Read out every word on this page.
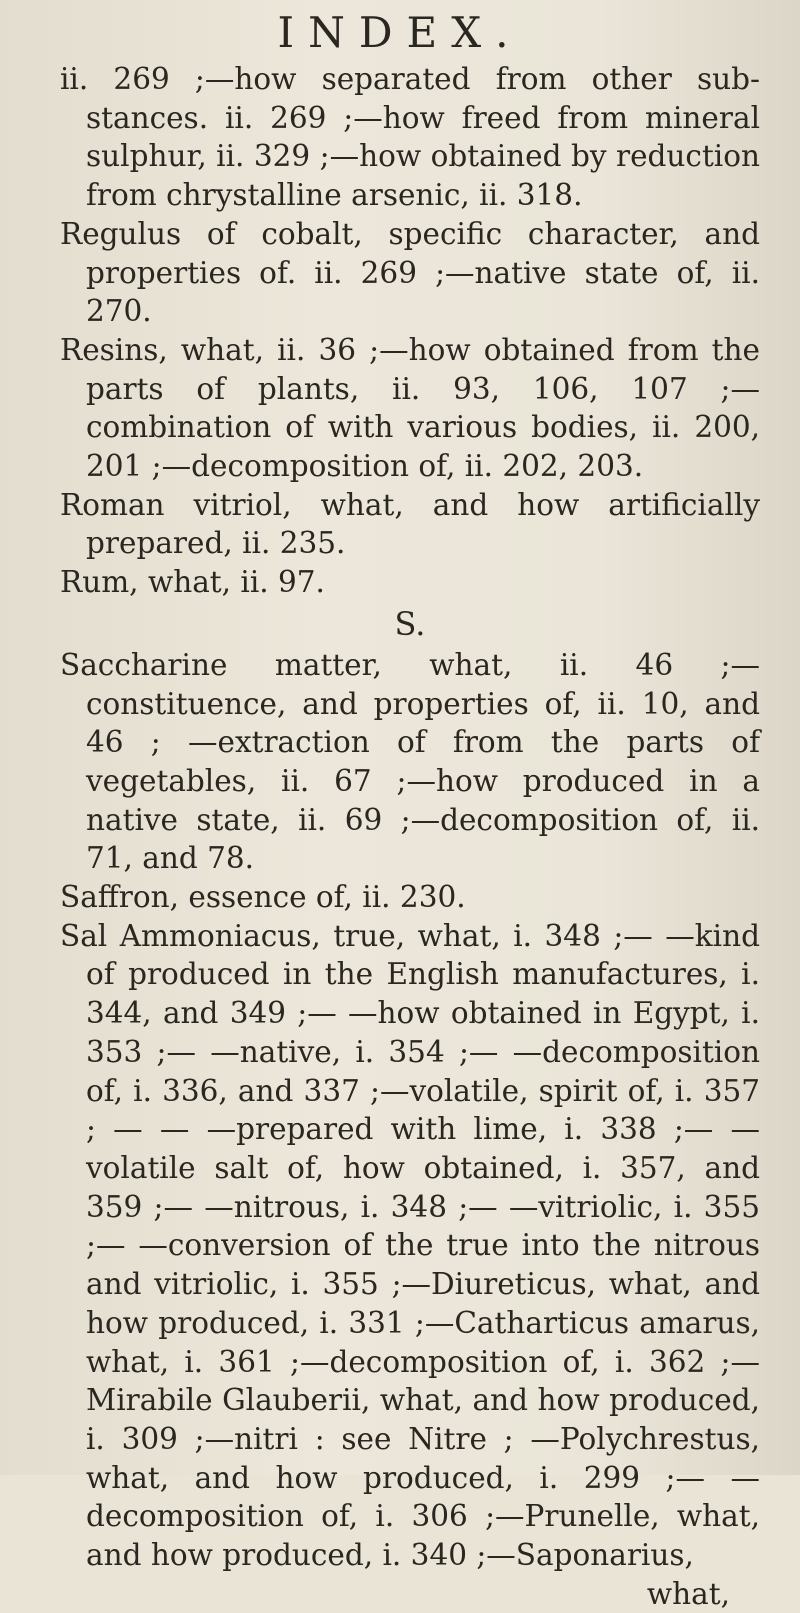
INDEX.

ii. 269 ;—how separated from other sub-stances. ii. 269 ;—how freed from mineral sulphur, ii. 329 ;—how obtained by reduction from chrystalline arsenic, ii. 318.

Regulus of cobalt, specific character, and properties of. ii. 269 ;—native state of, ii. 270.

Resins, what, ii. 36 ;—how obtained from the parts of plants, ii. 93, 106, 107 ;—combination of with various bodies, ii. 200, 201 ;—decomposition of, ii. 202, 203.

Roman vitriol, what, and how artificially prepared, ii. 235.

Rum, what, ii. 97.

S.

Saccharine matter, what, ii. 46 ;—constituence, and properties of, ii. 10, and 46 ; —extraction of from the parts of vegetables, ii. 67 ;—how produced in a native state, ii. 69 ;—decomposition of, ii. 71, and 78.

Saffron, essence of, ii. 230.

Sal Ammoniacus, true, what, i. 348 ;— —kind of produced in the English manufactures, i. 344, and 349 ;— —how obtained in Egypt, i. 353 ;— —native, i. 354 ;— —decomposition of, i. 336, and 337 ;—volatile, spirit of, i. 357 ; — — —prepared with lime, i. 338 ;— —volatile salt of, how obtained, i. 357, and 359 ;— —nitrous, i. 348 ;— —vitriolic, i. 355 ;— —conversion of the true into the nitrous and vitriolic, i. 355 ;—Diureticus, what, and how produced, i. 331 ;—Catharticus amarus, what, i. 361 ;—decomposition of, i. 362 ;—Mirabile Glauberii, what, and how produced, i. 309 ;—nitri : see Nitre ; —Polychrestus, what, and how produced, i. 299 ;— —decomposition of, i. 306 ;—Prunelle, what, and how produced, i. 340 ;—Saponarius,

what,
